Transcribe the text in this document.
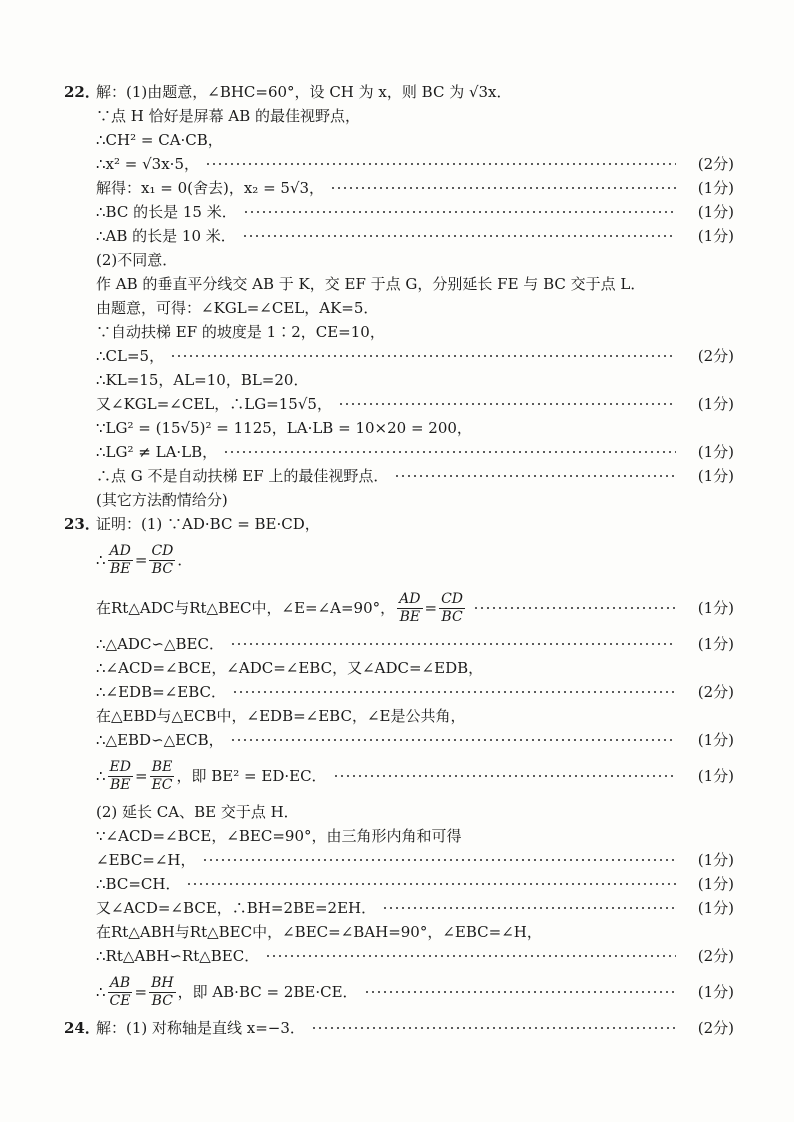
22．
解：(1)由题意，∠BHC=60°，设 CH 为 x，则 BC 为 √3x．
∵点 H 恰好是屏幕 AB 的最佳视野点，
∴CH² = CA·CB，
∴x² = √3x·5，	(2分)
解得：x₁ = 0(舍去)，x₂ = 5√3，	(1分)
∴BC 的长是 15 米．	(1分)
∴AB 的长是 10 米．	(1分)
(2)不同意．
作 AB 的垂直平分线交 AB 于 K，交 EF 于点 G，分别延长 FE 与 BC 交于点 L．
由题意，可得：∠KGL=∠CEL，AK=5．
∵自动扶梯 EF 的坡度是 1∶2，CE=10，
∴CL=5，	(2分)
∴KL=15，AL=10，BL=20．
又∠KGL=∠CEL，∴LG=15√5，	(1分)
∵LG² = (15√5)² = 1125，LA·LB = 10×20 = 200，
∴LG² ≠ LA·LB，	(1分)
∴点 G 不是自动扶梯 EF 上的最佳视野点．	(1分)
(其它方法酌情给分)
23．
证明：(1) ∵AD·BC = BE·CD，
∴ $\frac{AD}{BE} = \frac{CD}{BC}$ ．
在Rt△ADC与Rt△BEC中，∠E=∠A=90°， $\frac{AD}{BE} = \frac{CD}{BC}$	(1分)
∴△ADC∽△BEC．	(1分)
∴∠ACD=∠BCE，∠ADC=∠EBC，又∠ADC=∠EDB，
∴∠EDB=∠EBC．	(2分)
在△EBD与△ECB中，∠EDB=∠EBC，∠E是公共角，
∴△EBD∽△ECB，	(1分)
∴ $\frac{ED}{BE} = \frac{BE}{EC}$ ，即 BE² = ED·EC．	(1分)
(2) 延长 CA、BE 交于点 H．
∵∠ACD=∠BCE，∠BEC=90°，由三角形内角和可得
∠EBC=∠H，	(1分)
∴BC=CH．	(1分)
又∠ACD=∠BCE，∴BH=2BE=2EH．	(1分)
在Rt△ABH与Rt△BEC中，∠BEC=∠BAH=90°，∠EBC=∠H，
∴Rt△ABH∽Rt△BEC．	(2分)
∴ $\frac{AB}{CE} = \frac{BH}{BC}$ ，即 AB·BC = 2BE·CE．	(1分)
24．
解：(1) 对称轴是直线 x=−3．	(2分)
